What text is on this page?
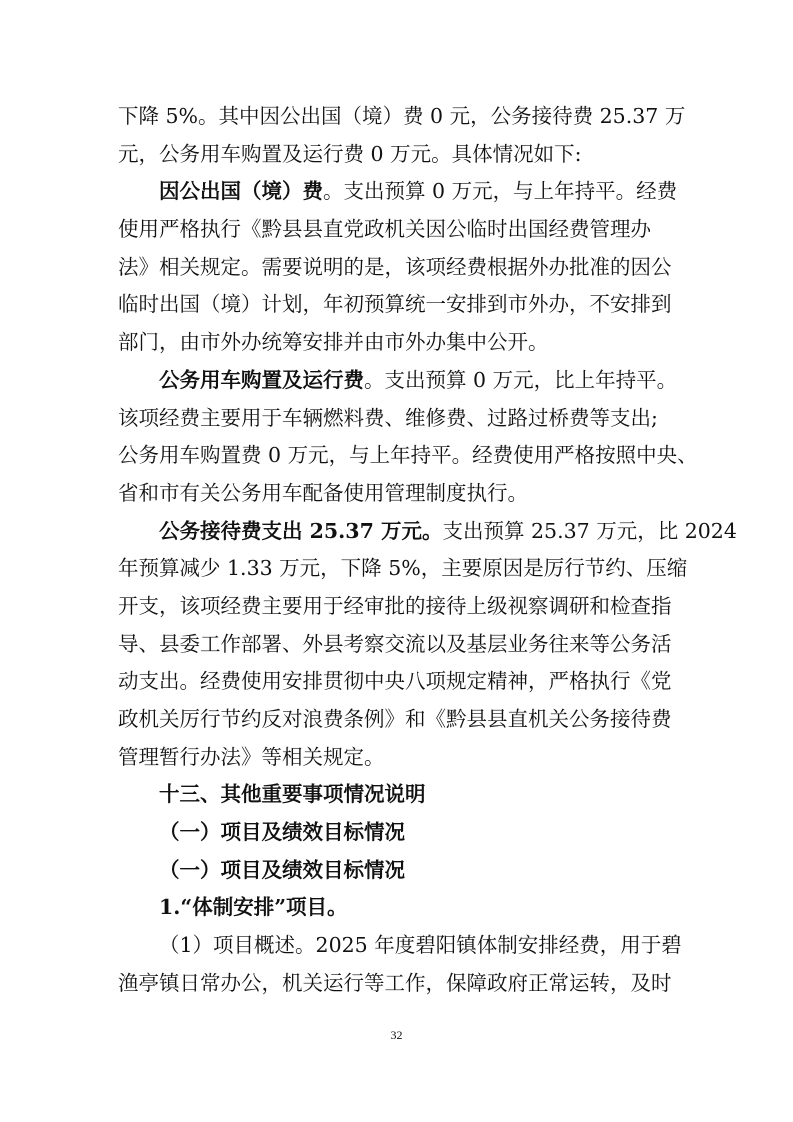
下降 5%。其中因公出国（境）费 0 元，公务接待费 25.37 万
元，公务用车购置及运行费 0 万元。具体情况如下:
因公出国（境）费 。支出预算 0 万元，与上年持平。经费
使用严格执行《黔县县直党政机关因公临时出国经费管理办
法》相关规定。需要说明的是，该项经费根据外办批准的因公
临时出国（境）计划，年初预算统一安排到市外办，不安排到
部门，由市外办统筹安排并由市外办集中公开。
公务用车购置及运行费 。支出预算 0 万元，比上年持平。
该项经费主要用于车辆燃料费、维修费、过路过桥费等支出;
公务用车购置费 0 万元，与上年持平。经费使用严格按照中央、
省和市有关公务用车配备使用管理制度执行。
公务接待费支出 25.37 万元。 支出预算 25.37 万元，比 2024
年预算减少 1.33 万元，下降 5%，主要原因是厉行节约、压缩
开支，该项经费主要用于经审批的接待上级视察调研和检查指
导、县委工作部署、外县考察交流以及基层业务往来等公务活
动支出。经费使用安排贯彻中央八项规定精神，严格执行《党
政机关厉行节约反对浪费条例》和《黔县县直机关公务接待费
管理暂行办法》等相关规定。
十三、其他重要事项情况说明
（一）项目及绩效目标情况
（一）项目及绩效目标情况
1.“体制安排”项目。
（1）项目概述。2025 年度碧阳镇体制安排经费，用于碧
渔亭镇日常办公，机关运行等工作，保障政府正常运转，及时
32
